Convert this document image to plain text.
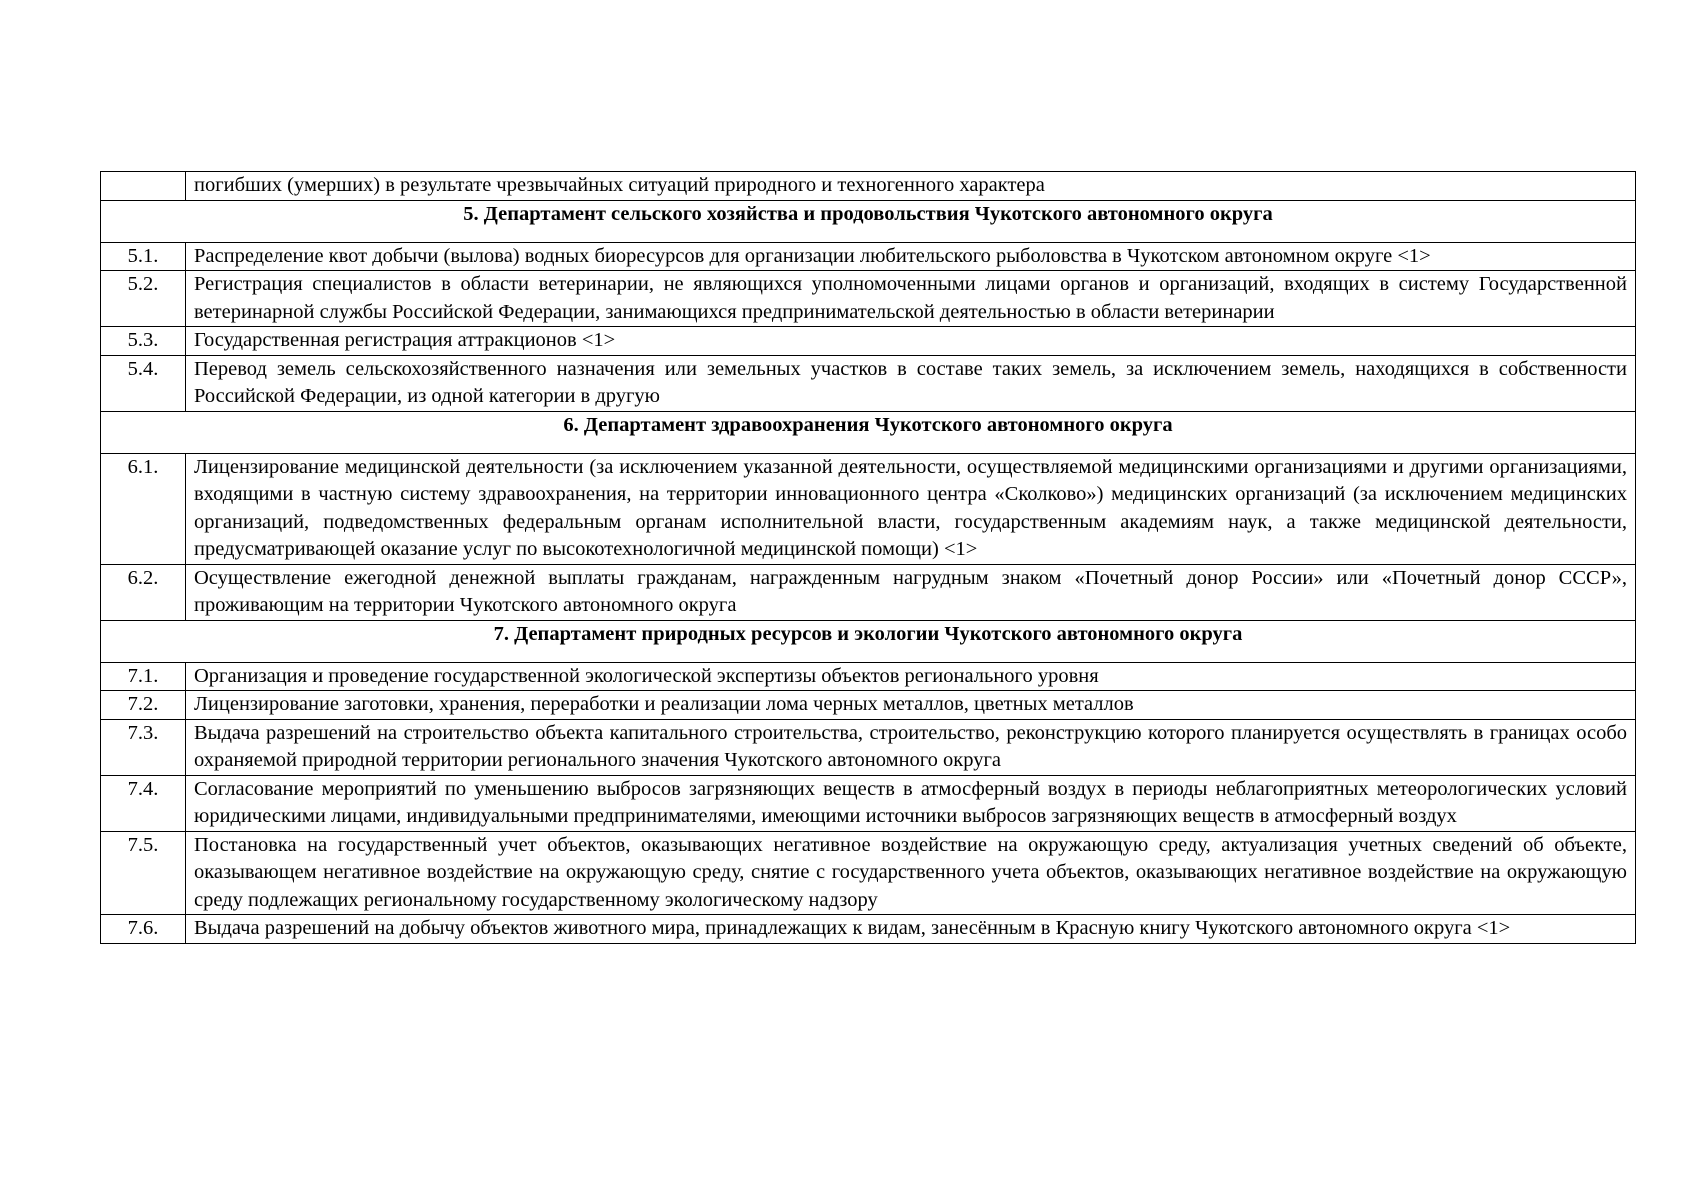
	погибших (умерших) в результате чрезвычайных ситуаций природного и техногенного характера
5. Департамент сельского хозяйства и продовольствия Чукотского автономного округа	
5.1.	Распределение квот добычи (вылова) водных биоресурсов для организации любительского рыболовства в Чукотском автономном округе <1>
5.2.	Регистрация специалистов в области ветеринарии, не являющихся уполномоченными лицами органов и организаций, входящих в систему Государственной ветеринарной службы Российской Федерации, занимающихся предпринимательской деятельностью в области ветеринарии
5.3.	Государственная регистрация аттракционов <1>
5.4.	Перевод земель сельскохозяйственного назначения или земельных участков в составе таких земель, за исключением земель, находящихся в собственности Российской Федерации, из одной категории в другую
6. Департамент здравоохранения Чукотского автономного округа	
6.1.	Лицензирование медицинской деятельности (за исключением указанной деятельности, осуществляемой медицинскими организациями и другими организациями, входящими в частную систему здравоохранения, на территории инновационного центра «Сколково») медицинских организаций (за исключением медицинских организаций, подведомственных федеральным органам исполнительной власти, государственным академиям наук, а также медицинской деятельности, предусматривающей оказание услуг по высокотехнологичной медицинской помощи) <1>
6.2.	Осуществление ежегодной денежной выплаты гражданам, награжденным нагрудным знаком «Почетный донор России» или «Почетный донор СССР», проживающим на территории Чукотского автономного округа
7. Департамент природных ресурсов и экологии Чукотского автономного округа	
7.1.	Организация и проведение государственной экологической экспертизы объектов регионального уровня
7.2.	Лицензирование заготовки, хранения, переработки и реализации лома черных металлов, цветных металлов
7.3.	Выдача разрешений на строительство объекта капитального строительства, строительство, реконструкцию которого планируется осуществлять в границах особо охраняемой природной территории регионального значения Чукотского автономного округа
7.4.	Согласование мероприятий по уменьшению выбросов загрязняющих веществ в атмосферный воздух в периоды неблагоприятных метеорологических условий юридическими лицами, индивидуальными предпринимателями, имеющими источники выбросов загрязняющих веществ в атмосферный воздух
7.5.	Постановка на государственный учет объектов, оказывающих негативное воздействие на окружающую среду, актуализация учетных сведений об объекте, оказывающем негативное воздействие на окружающую среду, снятие с государственного учета объектов, оказывающих негативное воздействие на окружающую среду подлежащих региональному государственному экологическому надзору
7.6.	Выдача разрешений на добычу объектов животного мира, принадлежащих к видам, занесённым в Красную книгу Чукотского автономного округа <1>
